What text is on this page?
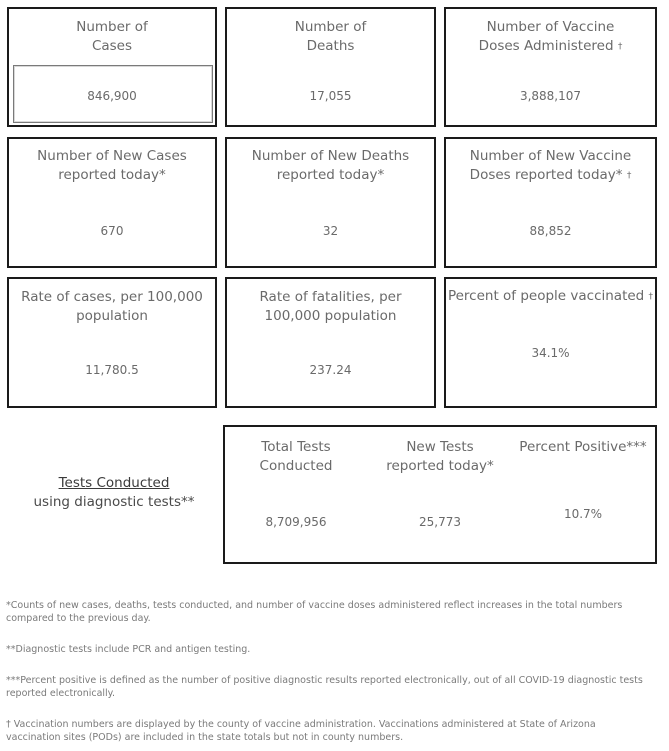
Number of
Cases
846,900
Number of
Deaths
17,055
Number of Vaccine
Doses Administered †
3,888,107
Number of New Cases
reported today*
670
Number of New Deaths
reported today*
32
Number of New Vaccine
Doses reported today* †
88,852
Rate of cases, per 100,000
population
11,780.5
Rate of fatalities, per
100,000 population
237.24
Percent of people vaccinated †
34.1%
Tests Conducted
using diagnostic tests**
Total Tests
Conducted
8,709,956
New Tests
reported today*
25,773
Percent Positive***
10.7%
*Counts of new cases, deaths, tests conducted, and number of vaccine doses administered reflect increases in the total numbers compared to the previous day.
**Diagnostic tests include PCR and antigen testing.
***Percent positive is defined as the number of positive diagnostic results reported electronically, out of all COVID-19 diagnostic tests reported electronically.
† Vaccination numbers are displayed by the county of vaccine administration. Vaccinations administered at State of Arizona vaccination sites (PODs) are included in the state totals but not in county numbers.
